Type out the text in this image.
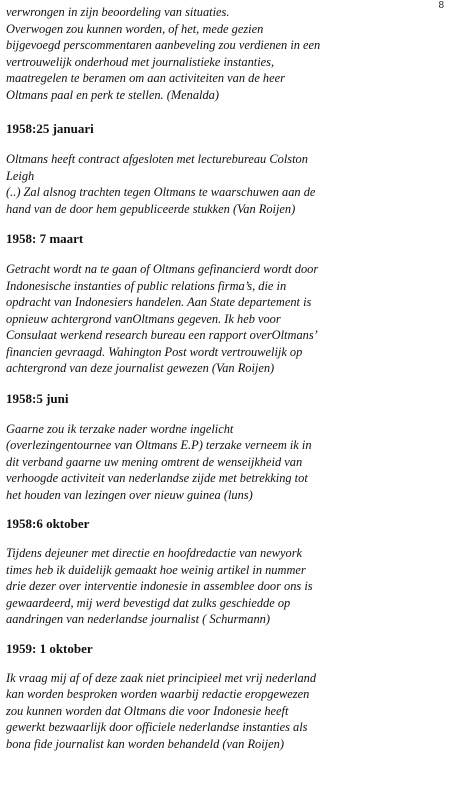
8

verwrongen in zijn beoordeling van situaties.
Overwogen zou kunnen worden, of het, mede gezien
bijgevoegd perscommentaren aanbeveling zou verdienen in een
vertrouwelijk onderhoud met journalistieke instanties,
maatregelen te beramen om aan activiteiten van de heer
Oltmans paal en perk te stellen. (Menalda)

1958:25 januari

Oltmans heeft contract afgesloten met lecturebureau Colston
Leigh
(..) Zal alsnog trachten tegen Oltmans te waarschuwen aan de
hand van de door hem gepubliceerde stukken (Van Roijen)

1958: 7 maart

Getracht wordt na te gaan of Oltmans gefinancierd wordt door
Indonesische instanties of public relations firma’s, die in
opdracht van Indonesiers handelen. Aan State departement is
opnieuw achtergrond vanOltmans gegeven. Ik heb voor
Consulaat werkend research bureau een rapport overOltmans’
financien gevraagd. Wahington Post wordt vertrouwelijk op
achtergrond van deze journalist gewezen (Van Roijen)

1958:5 juni

Gaarne zou ik terzake nader wordne ingelicht
(overlezingentournee van Oltmans E.P) terzake verneem ik in
dit verband gaarne uw mening omtrent de wenseijkheid van
verhoogde activiteit van nederlandse zijde met betrekking tot
het houden van lezingen over nieuw guinea (luns)

1958:6 oktober

Tijdens dejeuner met directie en hoofdredactie van newyork
times heb ik duidelijk gemaakt hoe weinig artikel in nummer
drie dezer over interventie indonesie in assemblee door ons is
gewaardeerd, mij werd bevestigd dat zulks geschiedde op
aandringen van nederlandse journalist ( Schurmann)

1959: 1 oktober

Ik vraag mij af of deze zaak niet principieel met vrij nederland
kan worden besproken worden waarbij redactie eropgewezen
zou kunnen worden dat Oltmans die voor Indonesie heeft
gewerkt bezwaarlijk door officiele nederlandse instanties als
bona fide journalist kan worden behandeld (van Roijen)
